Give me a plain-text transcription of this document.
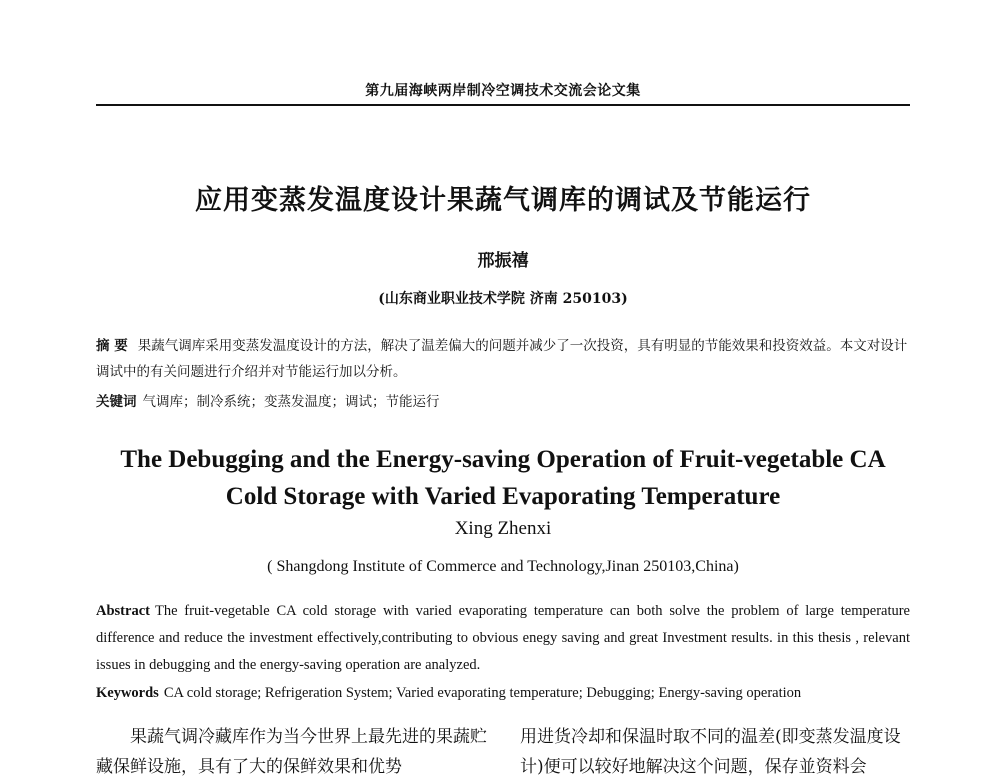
第九届海峡两岸制冷空调技术交流会论文集
应用变蒸发温度设计果蔬气调库的调试及节能运行
邢振禧
(山东商业职业技术学院 济南 250103)

摘 要 果蔬气调库采用变蒸发温度设计的方法，解决了温差偏大的问题并减少了一次投资，具有明显的节能效果和投资效益。本文对设计调试中的有关问题进行介绍并对节能运行加以分析。

关键词 气调库；制冷系统；变蒸发温度；调试；节能运行

The Debugging and the Energy-saving Operation of Fruit-vegetable CA
Cold Storage with Varied Evaporating Temperature
Xing Zhenxi
( Shangdong Institute of Commerce and Technology,Jinan 250103,China)

Abstract The fruit-vegetable CA cold storage with varied evaporating temperature can both solve the problem of large temperature difference and reduce the investment effectively,contributing to obvious enegy saving and great Investment results. in this thesis , relevant issues in debugging and the energy-saving operation are analyzed.

Keywords CA cold storage; Refrigeration System; Varied evaporating temperature; Debugging; Energy-saving operation

果蔬气调冷藏库作为当今世界上最先进的果蔬贮藏保鲜设施，具有了大的保鲜效果和优势

用进货冷却和保温时取不同的温差(即变蒸发温度设计)便可以较好地解决这个问题，保存並资料会
